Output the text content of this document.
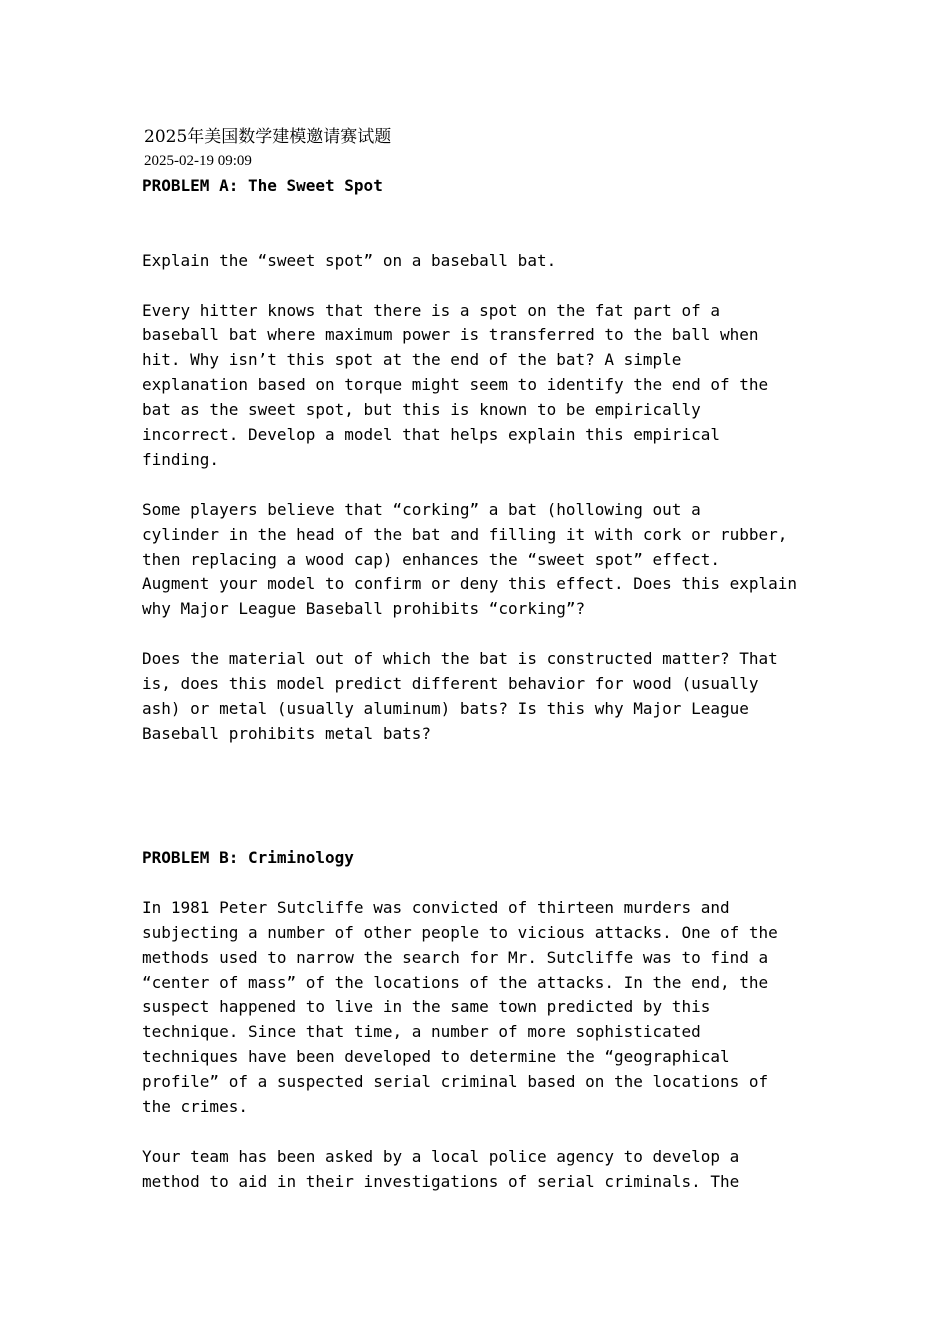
2025年美国数学建模邀请赛试题
2025-02-19 09:09
PROBLEM A: The Sweet Spot

Explain the “sweet spot” on a baseball bat.

Every hitter knows that there is a spot on the fat part of a
baseball bat where maximum power is transferred to the ball when
hit. Why isn’t this spot at the end of the bat? A simple
explanation based on torque might seem to identify the end of the
bat as the sweet spot, but this is known to be empirically
incorrect. Develop a model that helps explain this empirical
finding.

Some players believe that “corking” a bat (hollowing out a
cylinder in the head of the bat and filling it with cork or rubber,
then replacing a wood cap) enhances the “sweet spot” effect.
Augment your model to confirm or deny this effect. Does this explain
why Major League Baseball prohibits “corking”?

Does the material out of which the bat is constructed matter? That
is, does this model predict different behavior for wood (usually
ash) or metal (usually aluminum) bats? Is this why Major League
Baseball prohibits metal bats?

PROBLEM B: Criminology

In 1981 Peter Sutcliffe was convicted of thirteen murders and
subjecting a number of other people to vicious attacks. One of the
methods used to narrow the search for Mr. Sutcliffe was to find a
“center of mass” of the locations of the attacks. In the end, the
suspect happened to live in the same town predicted by this
technique. Since that time, a number of more sophisticated
techniques have been developed to determine the “geographical
profile” of a suspected serial criminal based on the locations of
the crimes.

Your team has been asked by a local police agency to develop a
method to aid in their investigations of serial criminals. The
